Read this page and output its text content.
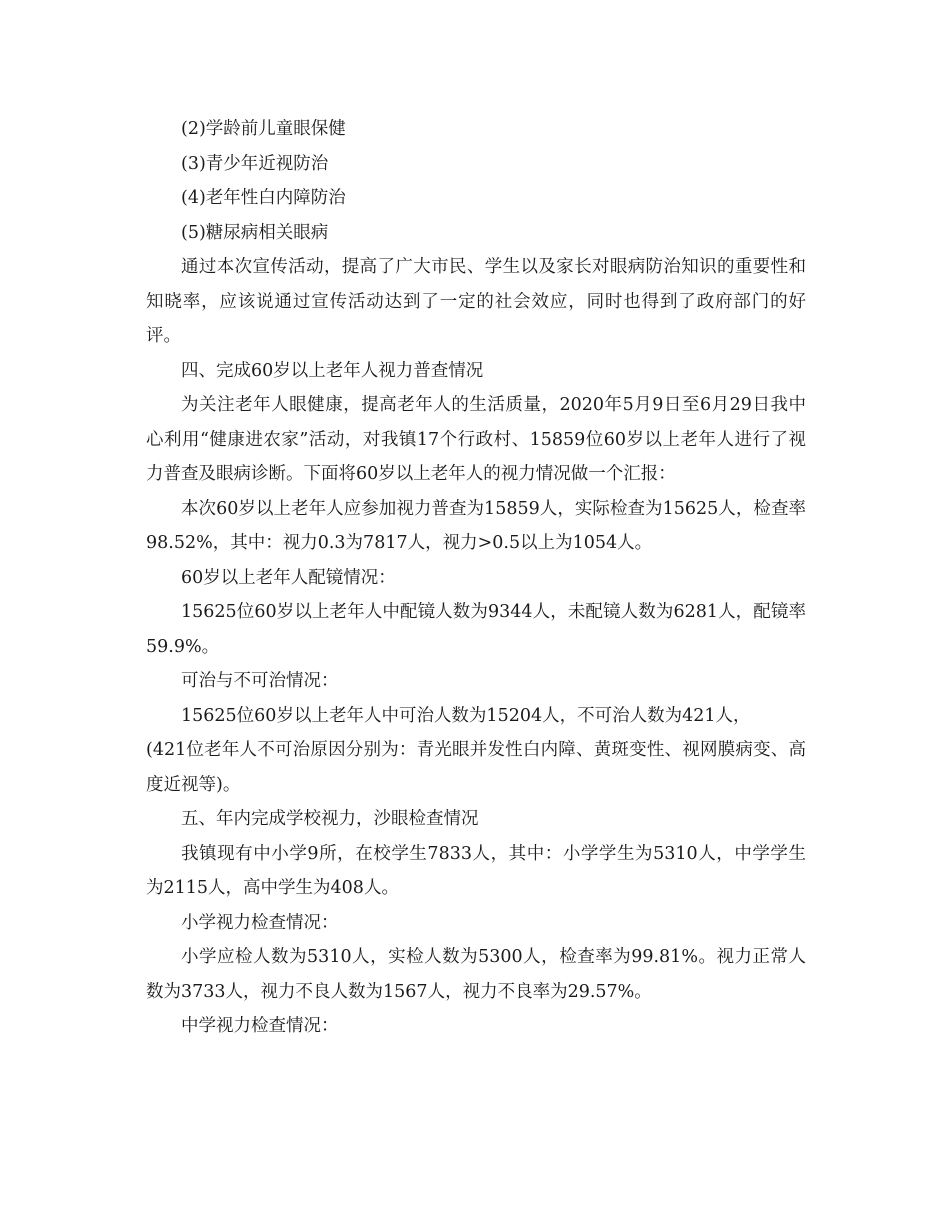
(2)学龄前儿童眼保健

(3)青少年近视防治

(4)老年性白内障防治

(5)糖尿病相关眼病

通过本次宣传活动，提高了广大市民、学生以及家长对眼病防治知识的重要性和知晓率，应该说通过宣传活动达到了一定的社会效应，同时也得到了政府部门的好评。

四、完成60岁以上老年人视力普查情况

为关注老年人眼健康，提高老年人的生活质量，2020年5月9日至6月29日我中心利用“健康进农家”活动，对我镇17个行政村、15859位60岁以上老年人进行了视力普查及眼病诊断。下面将60岁以上老年人的视力情况做一个汇报：

本次60岁以上老年人应参加视力普查为15859人，实际检查为15625人，检查率98.52%，其中：视力0.3为7817人，视力>0.5以上为1054人。

60岁以上老年人配镜情况：

15625位60岁以上老年人中配镜人数为9344人，未配镜人数为6281人，配镜率59.9%。

可治与不可治情况：

15625位60岁以上老年人中可治人数为15204人，不可治人数为421人，

(421位老年人不可治原因分别为：青光眼并发性白内障、黄斑变性、视网膜病变、高度近视等)。

五、年内完成学校视力，沙眼检查情况

我镇现有中小学9所，在校学生7833人，其中：小学学生为5310人，中学学生为2115人，高中学生为408人。

小学视力检查情况：

小学应检人数为5310人，实检人数为5300人，检查率为99.81%。视力正常人数为3733人，视力不良人数为1567人，视力不良率为29.57%。

中学视力检查情况：
